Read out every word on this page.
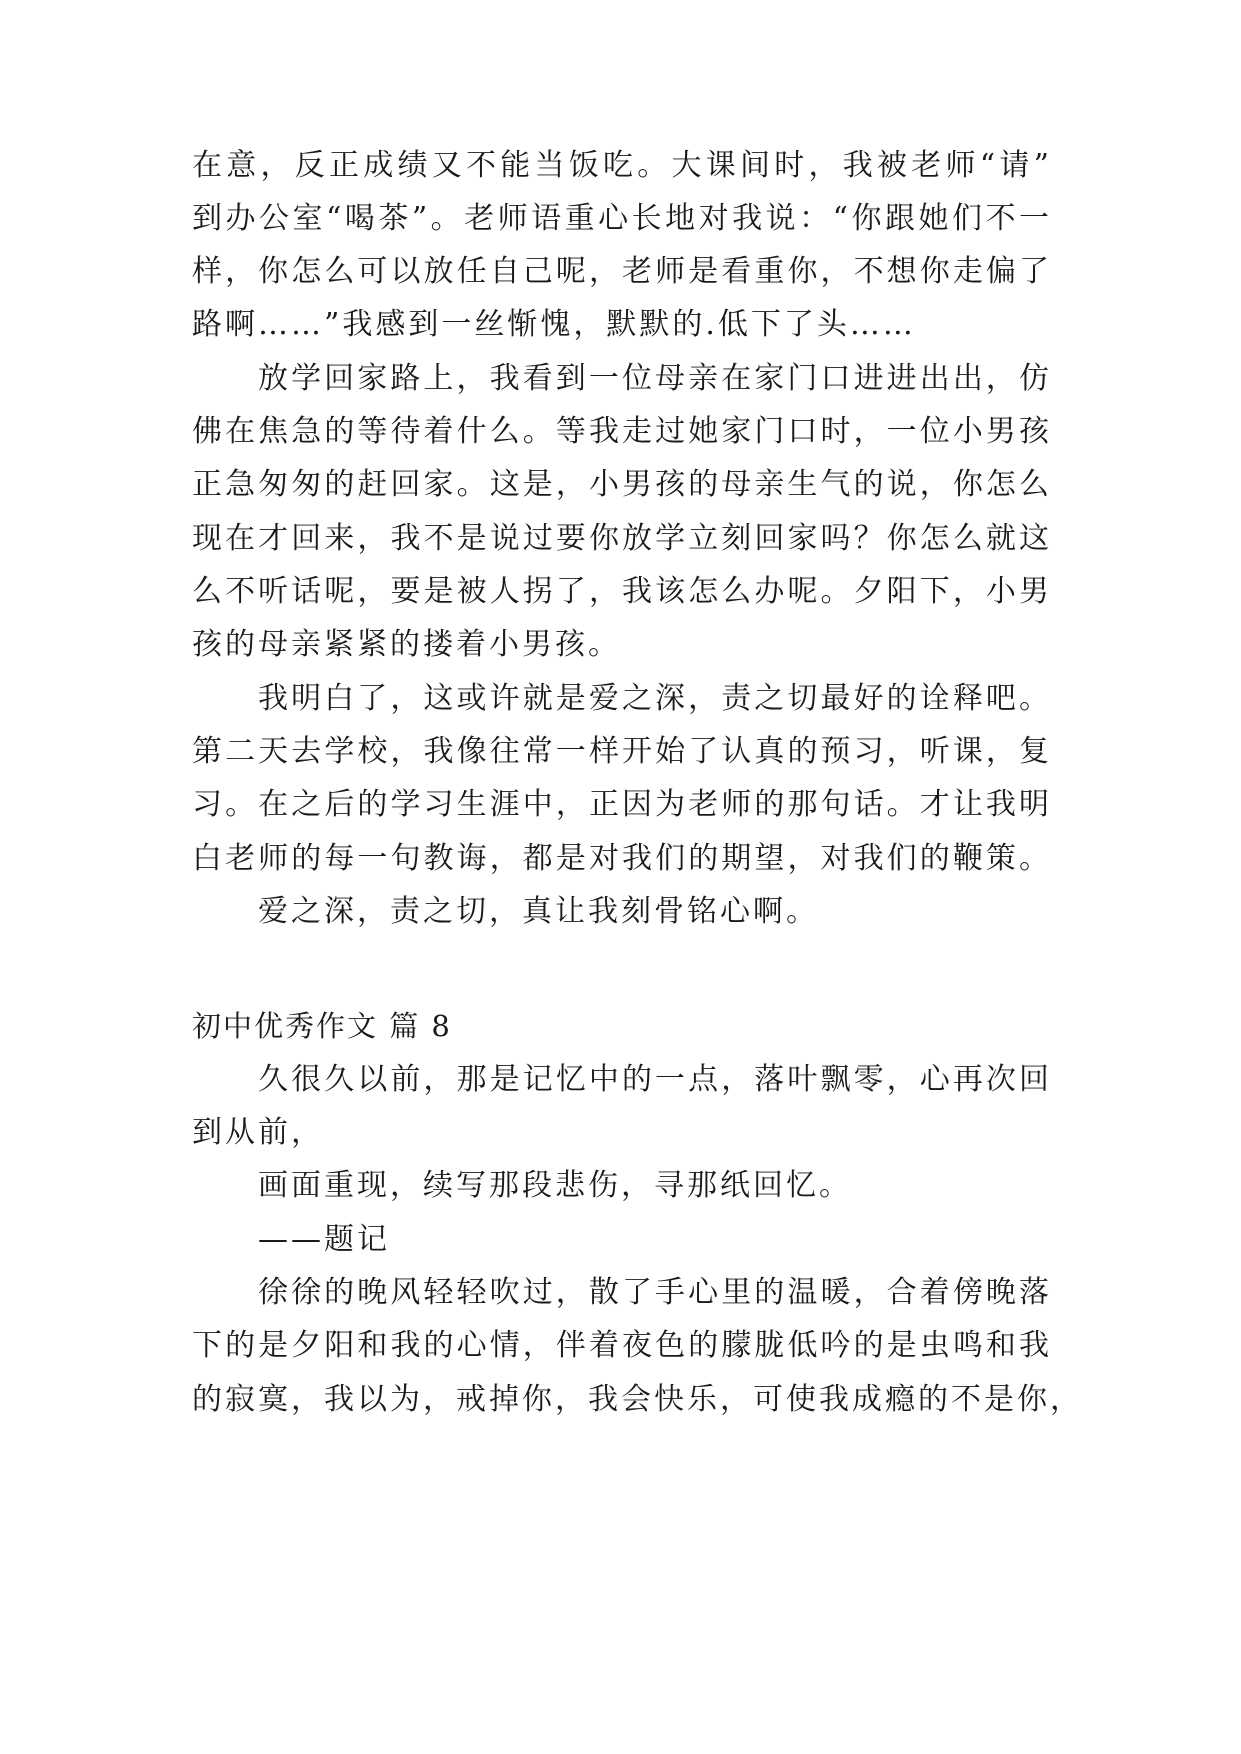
在意，反正成绩又不能当饭吃。大课间时，我被老师“请”
到办公室“喝茶”。老师语重心长地对我说：“你跟她们不一
样，你怎么可以放任自己呢，老师是看重你，不想你走偏了
路啊……”我感到一丝惭愧，默默的.低下了头……
放学回家路上，我看到一位母亲在家门口进进出出，仿
佛在焦急的等待着什么。等我走过她家门口时，一位小男孩
正急匆匆的赶回家。这是，小男孩的母亲生气的说，你怎么
现在才回来，我不是说过要你放学立刻回家吗？你怎么就这
么不听话呢，要是被人拐了，我该怎么办呢。夕阳下，小男
孩的母亲紧紧的搂着小男孩。
我明白了，这或许就是爱之深，责之切最好的诠释吧。
第二天去学校，我像往常一样开始了认真的预习，听课，复
习。在之后的学习生涯中，正因为老师的那句话。才让我明
白老师的每一句教诲，都是对我们的期望，对我们的鞭策。
爱之深，责之切，真让我刻骨铭心啊。
初中优秀作文 篇 8
久很久以前，那是记忆中的一点，落叶飘零，心再次回
到从前，
画面重现，续写那段悲伤，寻那纸回忆。
——题记
徐徐的晚风轻轻吹过，散了手心里的温暖，合着傍晚落
下的是夕阳和我的心情，伴着夜色的朦胧低吟的是虫鸣和我
的寂寞，我以为，戒掉你，我会快乐，可使我成瘾的不是你，
